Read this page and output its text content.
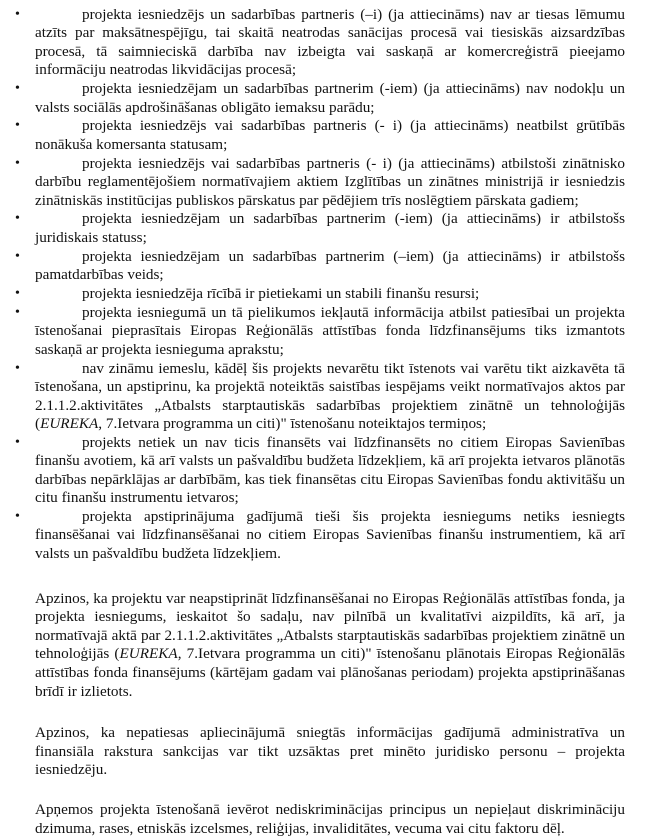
•	projekta iesniedzējs un sadarbības partneris (–i) (ja attiecināms) nav ar tiesas lēmumu atzīts par maksātnespējīgu, tai skaitā neatrodas sanācijas procesā vai tiesiskās aizsardzības procesā, tā saimnieciskā darbība nav izbeigta vai saskaņā ar komercreģistrā pieejamo informāciju neatrodas likvidācijas procesā;
•	projekta iesniedzējam un sadarbības partnerim (-iem) (ja attiecināms) nav nodokļu un valsts sociālās apdrošināšanas obligāto iemaksu parādu;
•	projekta iesniedzējs vai sadarbības partneris (- i) (ja attiecināms) neatbilst grūtībās nonākuša komersanta statusam;
•	projekta iesniedzējs vai sadarbības partneris (- i) (ja attiecināms) atbilstoši zinātnisko darbību reglamentējošiem normatīvajiem aktiem Izglītības un zinātnes ministrijā ir iesniedzis zinātniskās institūcijas publiskos pārskatus par pēdējiem trīs noslēgtiem pārskata gadiem;
•	projekta iesniedzējam un sadarbības partnerim (-iem) (ja attiecināms) ir atbilstošs juridiskais statuss;
•	projekta iesniedzējam un sadarbības partnerim (–iem) (ja attiecināms) ir atbilstošs pamatdarbības veids;
•	projekta iesniedzēja rīcībā ir pietiekami un stabili finanšu resursi;
•	projekta iesniegumā un tā pielikumos iekļautā informācija atbilst patiesībai un projekta īstenošanai pieprasītais Eiropas Reģionālās attīstības fonda līdzfinansējums tiks izmantots saskaņā ar projekta iesnieguma aprakstu;
•	nav zināmu iemeslu, kādēļ šis projekts nevarētu tikt īstenots vai varētu tikt aizkavēta tā īstenošana, un apstiprinu, ka projektā noteiktās saistības iespējams veikt normatīvajos aktos par 2.1.1.2.aktivitātes „Atbalsts starptautiskās sadarbības projektiem zinātnē un tehnoloģijās (EUREKA, 7.Ietvara programma un citi)" īstenošanu noteiktajos termiņos;
•	projekts netiek un nav ticis finansēts vai līdzfinansēts no citiem Eiropas Savienības finanšu avotiem, kā arī valsts un pašvaldību budžeta līdzekļiem, kā arī projekta ietvaros plānotās darbības nepārklājas ar darbībām, kas tiek finansētas citu Eiropas Savienības fondu aktivitāšu un citu finanšu instrumentu ietvaros;
•	projekta apstiprinājuma gadījumā tieši šis projekta iesniegums netiks iesniegts finansēšanai vai līdzfinansēšanai no citiem Eiropas Savienības finanšu instrumentiem, kā arī valsts un pašvaldību budžeta līdzekļiem.

Apzinos, ka projektu var neapstiprināt līdzfinansēšanai no Eiropas Reģionālās attīstības fonda, ja projekta iesniegums, ieskaitot šo sadaļu, nav pilnībā un kvalitatīvi aizpildīts, kā arī, ja normatīvajā aktā par 2.1.1.2.aktivitātes „Atbalsts starptautiskās sadarbības projektiem zinātnē un tehnoloģijās (EUREKA, 7.Ietvara programma un citi)" īstenošanu plānotais Eiropas Reģionālās attīstības fonda finansējums (kārtējam gadam vai plānošanas periodam) projekta apstiprināšanas brīdī ir izlietots.

Apzinos, ka nepatiesas apliecinājumā sniegtās informācijas gadījumā administratīva un finansiāla rakstura sankcijas var tikt uzsāktas pret minēto juridisko personu – projekta iesniedzēju.

Apņemos projekta īstenošanā ievērot nediskriminācijas principus un nepieļaut diskrimināciju dzimuma, rases, etniskās izcelsmes, reliģijas, invaliditātes, vecuma vai citu faktoru dēļ.
